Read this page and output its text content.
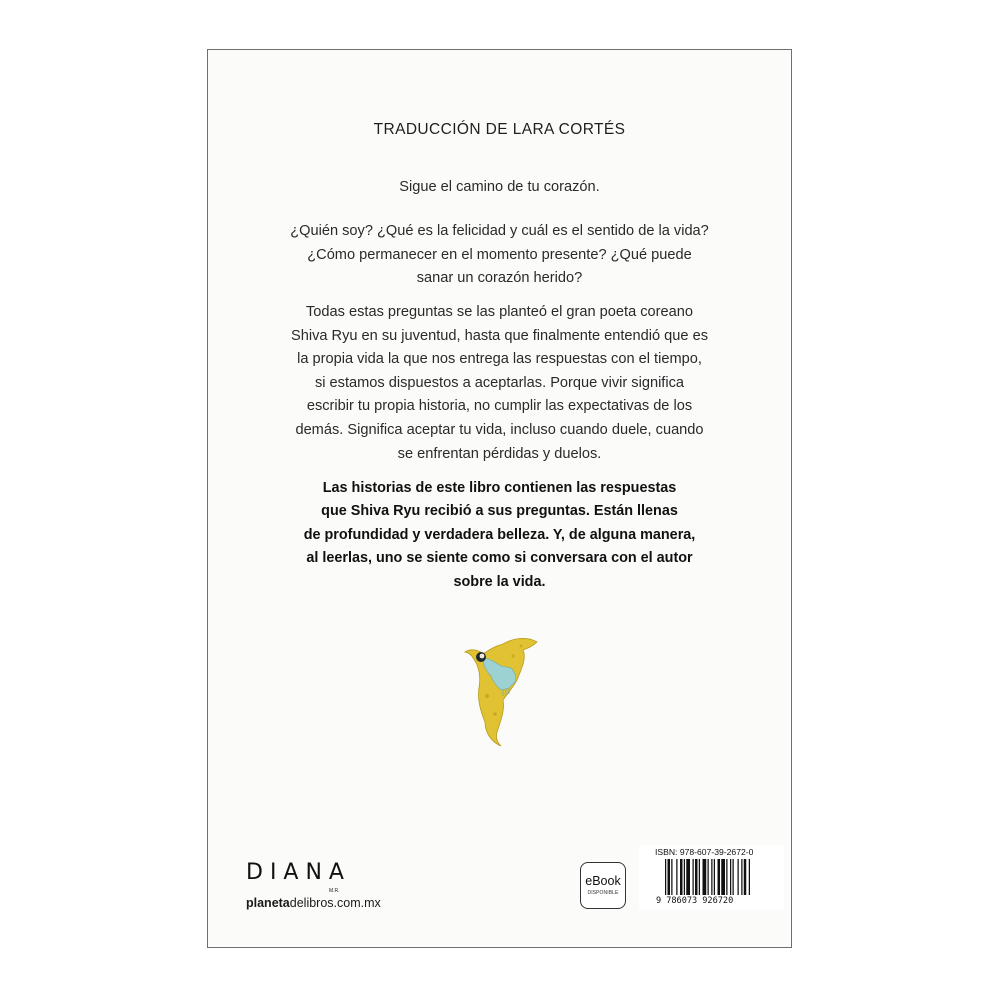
TRADUCCIÓN DE LARA CORTÉS
Sigue el camino de tu corazón.
¿Quién soy? ¿Qué es la felicidad y cuál es el sentido de la vida?
¿Cómo permanecer en el momento presente? ¿Qué puede
sanar un corazón herido?
Todas estas preguntas se las planteó el gran poeta coreano
Shiva Ryu en su juventud, hasta que finalmente entendió que es
la propia vida la que nos entrega las respuestas con el tiempo,
si estamos dispuestos a aceptarlas. Porque vivir significa
escribir tu propia historia, no cumplir las expectativas de los
demás. Significa aceptar tu vida, incluso cuando duele, cuando
se enfrentan pérdidas y duelos.
Las historias de este libro contienen las respuestas
que Shiva Ryu recibió a sus preguntas. Están llenas
de profundidad y verdadera belleza. Y, de alguna manera,
al leerlas, uno se siente como si conversara con el autor
sobre la vida.
DIANA
M.R.
planetadelibros.com.mx
eBook
DISPONIBLE
ISBN: 978-607-39-2672-0
9 786073 926720
